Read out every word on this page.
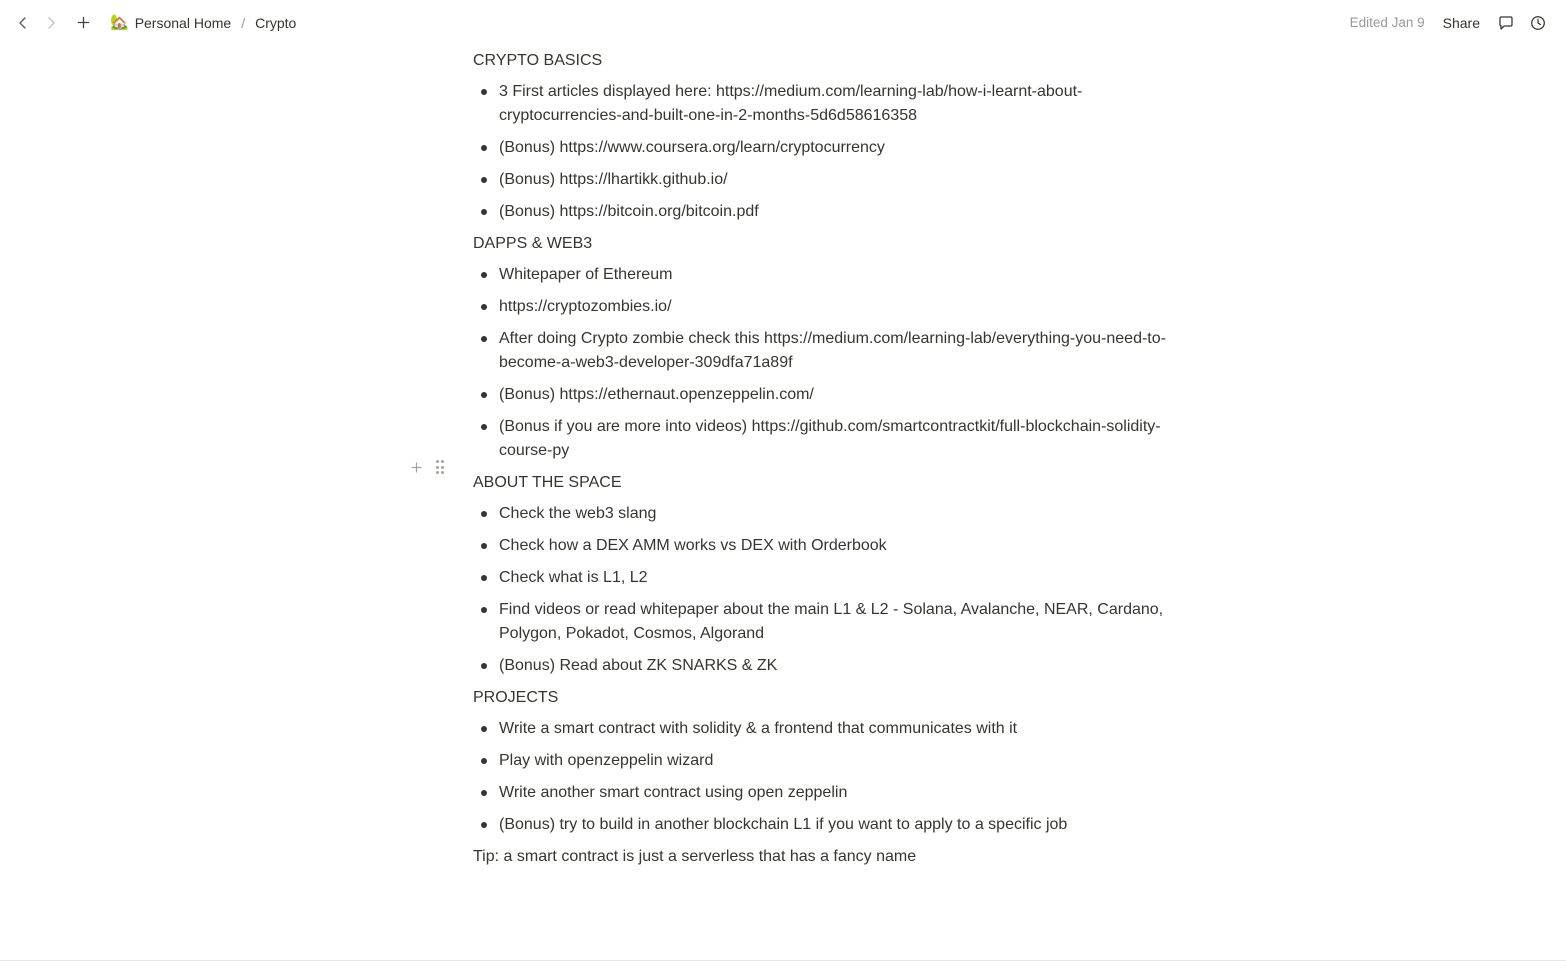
🏡 Personal Home / Crypto	Edited Jan 9	Share
CRYPTO BASICS
3 First articles displayed here: https://medium.com/learning-lab/how-i-learnt-about-cryptocurrencies-and-built-one-in-2-months-5d6d58616358
(Bonus) https://www.coursera.org/learn/cryptocurrency
(Bonus) https://lhartikk.github.io/
(Bonus) https://bitcoin.org/bitcoin.pdf
DAPPS & WEB3
Whitepaper of Ethereum
https://cryptozombies.io/
After doing Crypto zombie check this https://medium.com/learning-lab/everything-you-need-to-become-a-web3-developer-309dfa71a89f
(Bonus) https://ethernaut.openzeppelin.com/
(Bonus if you are more into videos) https://github.com/smartcontractkit/full-blockchain-solidity-course-py
ABOUT THE SPACE
Check the web3 slang
Check how a DEX AMM works vs DEX with Orderbook
Check what is L1, L2
Find videos or read whitepaper about the main L1 & L2 - Solana, Avalanche, NEAR, Cardano, Polygon, Pokadot, Cosmos, Algorand
(Bonus) Read about ZK SNARKS & ZK
PROJECTS
Write a smart contract with solidity & a frontend that communicates with it
Play with openzeppelin wizard
Write another smart contract using open zeppelin
(Bonus) try to build in another blockchain L1 if you want to apply to a specific job
Tip: a smart contract is just a serverless that has a fancy name
